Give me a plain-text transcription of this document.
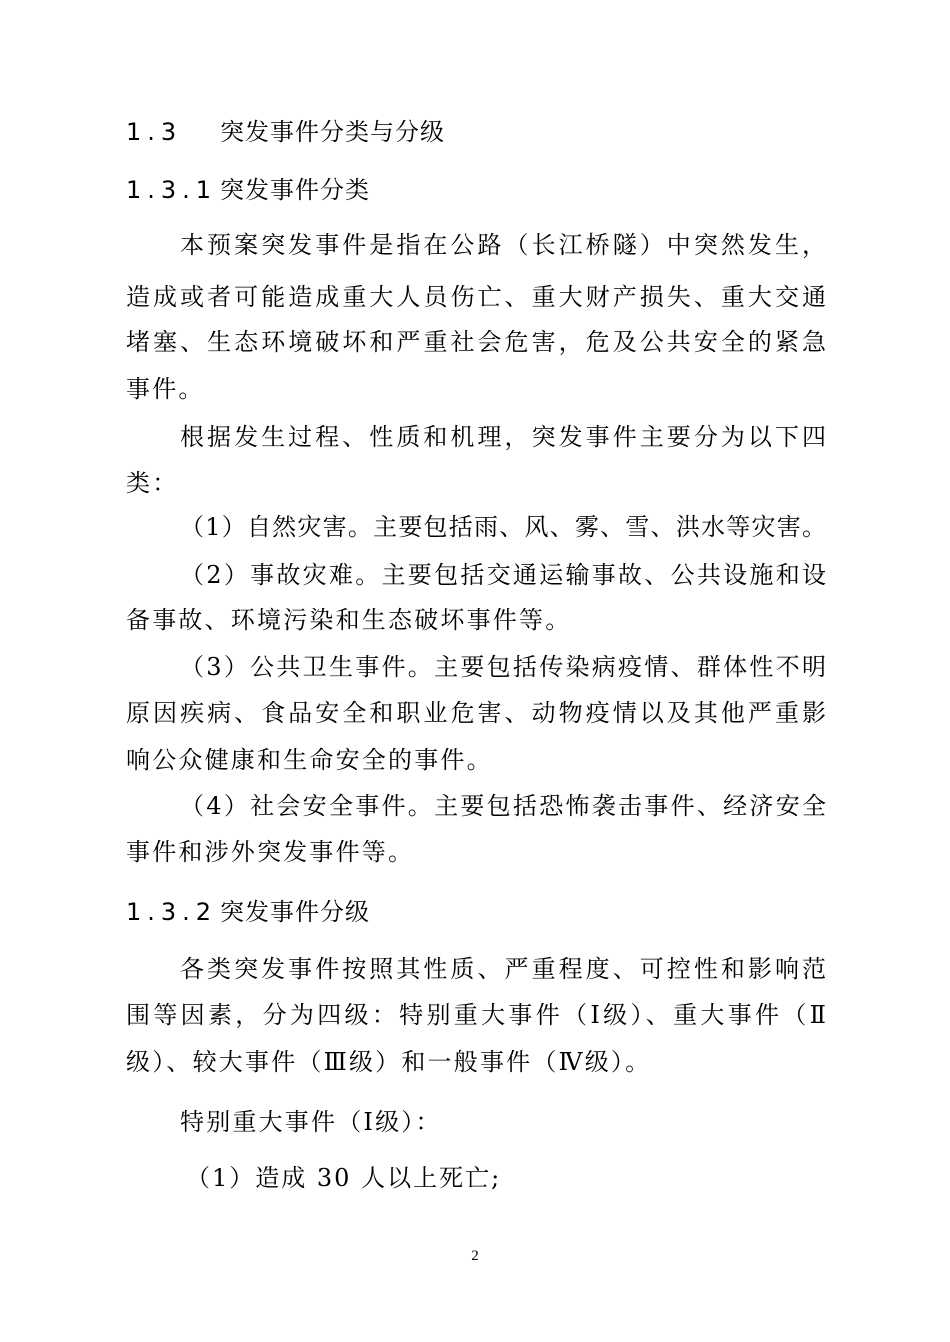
1.3 突发事件分类与分级
1.3.1 突发事件分类
本预案突发事件是指在公路（长江桥隧）中突然发生，
造成或者可能造成重大人员伤亡、重大财产损失、重大交通
堵塞、生态环境破坏和严重社会危害，危及公共安全的紧急
事件。
根据发生过程、性质和机理，突发事件主要分为以下四
类：
（1）自然灾害。主要包括雨、风、雾、雪、洪水等灾害。
（2）事故灾难。主要包括交通运输事故、公共设施和设
备事故、环境污染和生态破坏事件等。
（3）公共卫生事件。主要包括传染病疫情、群体性不明
原因疾病、食品安全和职业危害、动物疫情以及其他严重影
响公众健康和生命安全的事件。
（4）社会安全事件。主要包括恐怖袭击事件、经济安全
事件和涉外突发事件等。
1.3.2 突发事件分级
各类突发事件按照其性质、严重程度、可控性和影响范
围等因素，分为四级：特别重大事件（Ⅰ级）、重大事件（Ⅱ
级）、较大事件（Ⅲ级）和一般事件（Ⅳ级）。
特别重大事件（Ⅰ级）：
（1）造成 30 人以上死亡;
2
